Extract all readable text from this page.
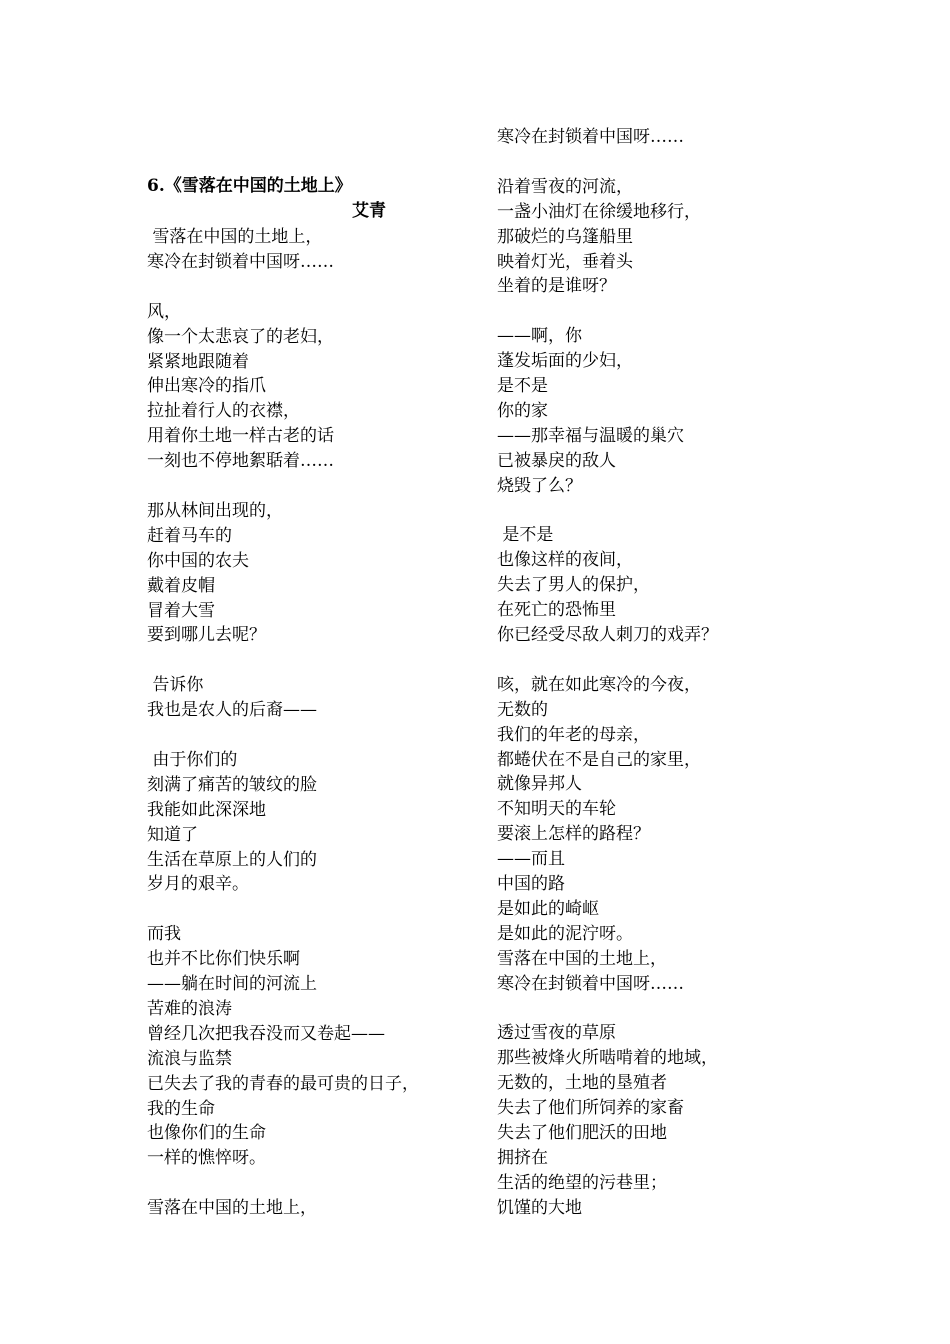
6.《雪落在中国的土地上》
艾青
雪落在中国的土地上，
寒冷在封锁着中国呀……
风，
像一个太悲哀了的老妇，
紧紧地跟随着
伸出寒冷的指爪
拉扯着行人的衣襟，
用着你土地一样古老的话
一刻也不停地絮聒着……
那从林间出现的，
赶着马车的
你中国的农夫
戴着皮帽
冒着大雪
要到哪儿去呢？
告诉你
我也是农人的后裔——
由于你们的
刻满了痛苦的皱纹的脸
我能如此深深地
知道了
生活在草原上的人们的
岁月的艰辛。
而我
也并不比你们快乐啊
——躺在时间的河流上
苦难的浪涛
曾经几次把我吞没而又卷起——
流浪与监禁
已失去了我的青春的最可贵的日子，
我的生命
也像你们的生命
一样的憔悴呀。
雪落在中国的土地上，
寒冷在封锁着中国呀……
沿着雪夜的河流，
一盏小油灯在徐缓地移行，
那破烂的乌篷船里
映着灯光，垂着头
坐着的是谁呀？
——啊，你
蓬发垢面的少妇，
是不是
你的家
——那幸福与温暖的巢穴
已被暴戾的敌人
烧毁了么？
是不是
也像这样的夜间，
失去了男人的保护，
在死亡的恐怖里
你已经受尽敌人刺刀的戏弄？
咳，就在如此寒冷的今夜，
无数的
我们的年老的母亲，
都蜷伏在不是自己的家里，
就像异邦人
不知明天的车轮
要滚上怎样的路程？
——而且
中国的路
是如此的崎岖
是如此的泥泞呀。
雪落在中国的土地上，
寒冷在封锁着中国呀……
透过雪夜的草原
那些被烽火所啮啃着的地域，
无数的，土地的垦殖者
失去了他们所饲养的家畜
失去了他们肥沃的田地
拥挤在
生活的绝望的污巷里；
饥馑的大地
